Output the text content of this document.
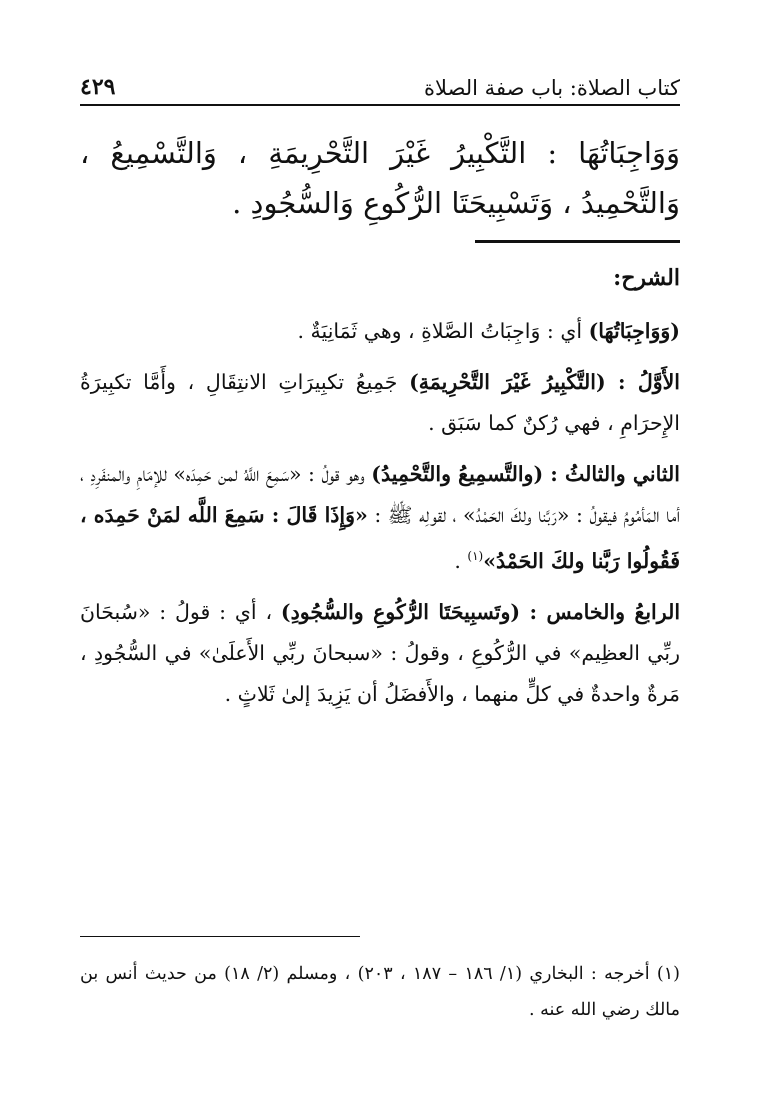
كتاب الصلاة: باب صفة الصلاة
٤٢٩
وَوَاجِبَاتُهَا : التَّكْبِيرُ غَيْرَ التَّحْرِيمَةِ ، وَالتَّسْمِيعُ ، وَالتَّحْمِيدُ ، وَتَسْبِيحَتَا الرُّكُوعِ وَالسُّجُودِ .

الشرح:

(وَوَاجِبَاتُهَا) أي : وَاجِبَاتُ الصَّلاةِ ، وهي ثَمَانِيَةٌ .

الأَوَّلُ : (التَّكْبِيرُ غَيْرَ التَّحْرِيمَةِ) جَمِيعُ تكبِيرَاتِ الانتِقَالِ ، وأَمَّا تكبِيرَةُ الإِحرَامِ ، فهي رُكنٌ كما سَبَق .

الثاني والثالثُ : (والتَّسمِيعُ والتَّحْمِيدُ) وهو قولُ : «سَمِعَ اللَّهُ لمن حَمِدَه» للإمَامِ والمنفَرِدِ ، أما المَأمُومُ فيقولُ : «رَبَّنا ولكَ الحَمْدُ» ، لقولِه ﷺ : «وَإِذَا قَالَ : سَمِعَ اللَّه لمَنْ حَمِدَه ، فَقُولُوا رَبَّنا ولكَ الحَمْدُ»$^{(١)}$ .

الرابعُ والخامس : (وتَسبِيحَتَا الرُّكُوعِ والسُّجُودِ) ، أي : قولُ : «سُبحَانَ ربِّي العظِيم» في الرُّكُوعِ ، وقولُ : «سبحانَ ربِّي الأَعلَىٰ» في السُّجُودِ ، مَرةٌ واحدةٌ في كلٍّ منهما ، والأَفضَلُ أن يَزِيدَ إلىٰ ثَلاثٍ .

(١) أخرجه : البخاري (١/ ١٨٦ – ١٨٧ ، ٢٠٣) ، ومسلم (٢/ ١٨) من حديث أنس بن مالك رضي الله عنه .
